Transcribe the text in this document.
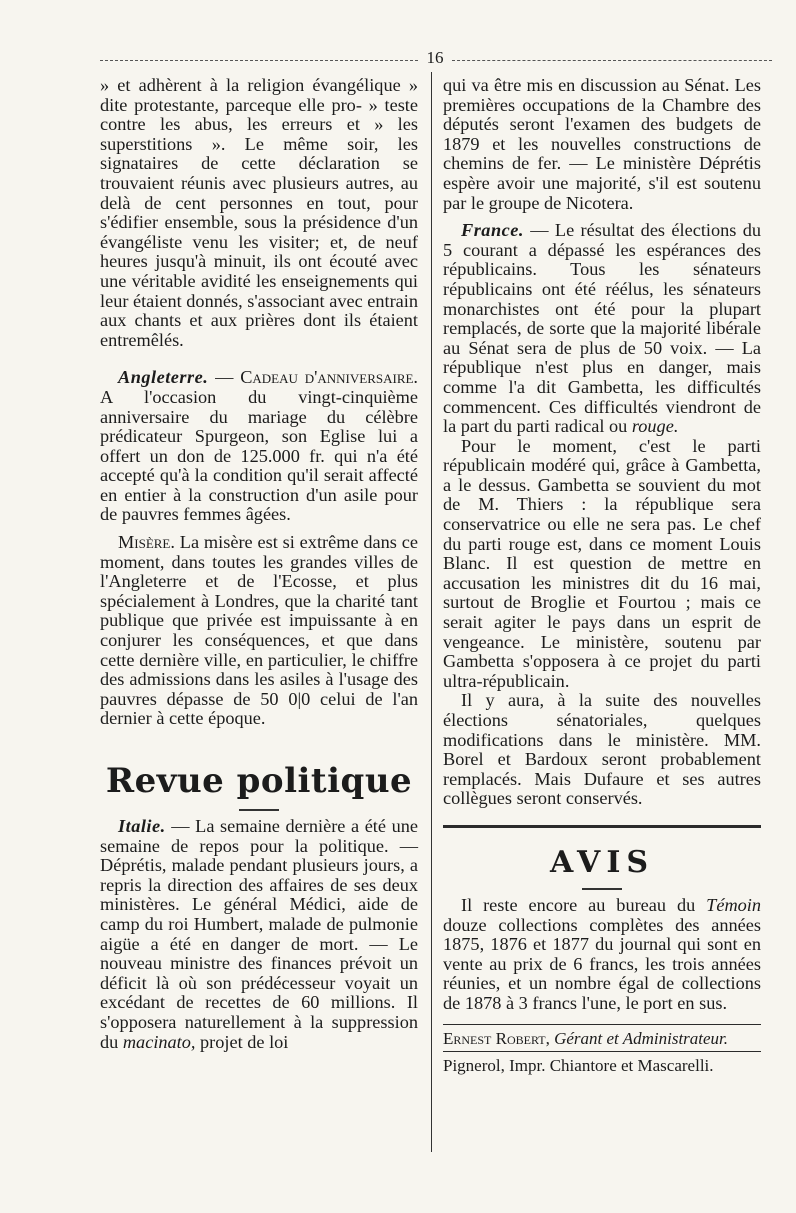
16

» et adhèrent à la religion évangélique » dite protestante, parceque elle pro- » teste contre les abus, les erreurs et » les superstitions ». Le même soir, les signataires de cette déclaration se trouvaient réunis avec plusieurs autres, au delà de cent personnes en tout, pour s'édifier ensemble, sous la présidence d'un évangéliste venu les visiter; et, de neuf heures jusqu'à minuit, ils ont écouté avec une véritable avidité les enseignements qui leur étaient donnés, s'associant avec entrain aux chants et aux prières dont ils étaient entremêlés.

Angleterre. — Cadeau d'anniversaire. A l'occasion du vingt-cinquième anniversaire du mariage du célèbre prédicateur Spurgeon, son Eglise lui a offert un don de 125.000 fr. qui n'a été accepté qu'à la condition qu'il serait affecté en entier à la construction d'un asile pour de pauvres femmes âgées.

Misère. La misère est si extrême dans ce moment, dans toutes les grandes villes de l'Angleterre et de l'Ecosse, et plus spécialement à Londres, que la charité tant publique que privée est impuissante à en conjurer les conséquences, et que dans cette dernière ville, en particulier, le chiffre des admissions dans les asiles à l'usage des pauvres dépasse de 50 0|0 celui de l'an dernier à cette époque.

Revue politique

Italie. — La semaine dernière a été une semaine de repos pour la politique. — Déprétis, malade pendant plusieurs jours, a repris la direction des affaires de ses deux ministères. Le général Médici, aide de camp du roi Humbert, malade de pulmonie aigüe a été en danger de mort. — Le nouveau ministre des finances prévoit un déficit là où son prédécesseur voyait un excédant de recettes de 60 millions. Il s'opposera naturellement à la suppression du macinato, projet de loi

qui va être mis en discussion au Sénat. Les premières occupations de la Chambre des députés seront l'examen des budgets de 1879 et les nouvelles constructions de chemins de fer. — Le ministère Déprétis espère avoir une majorité, s'il est soutenu par le groupe de Nicotera.

France. — Le résultat des élections du 5 courant a dépassé les espérances des républicains. Tous les sénateurs républicains ont été réélus, les sénateurs monarchistes ont été pour la plupart remplacés, de sorte que la majorité libérale au Sénat sera de plus de 50 voix. — La république n'est plus en danger, mais comme l'a dit Gambetta, les difficultés commencent. Ces difficultés viendront de la part du parti radical ou rouge.

Pour le moment, c'est le parti républicain modéré qui, grâce à Gambetta, a le dessus. Gambetta se souvient du mot de M. Thiers : la république sera conservatrice ou elle ne sera pas. Le chef du parti rouge est, dans ce moment Louis Blanc. Il est question de mettre en accusation les ministres dit du 16 mai, surtout de Broglie et Fourtou ; mais ce serait agiter le pays dans un esprit de vengeance. Le ministère, soutenu par Gambetta s'opposera à ce projet du parti ultra-républicain.

Il y aura, à la suite des nouvelles élections sénatoriales, quelques modifications dans le ministère. MM. Borel et Bardoux seront probablement remplacés. Mais Dufaure et ses autres collègues seront conservés.

AVIS

Il reste encore au bureau du Témoin douze collections complètes des années 1875, 1876 et 1877 du journal qui sont en vente au prix de 6 francs, les trois années réunies, et un nombre égal de collections de 1878 à 3 francs l'une, le port en sus.

Ernest Robert, Gérant et Administrateur.

Pignerol, Impr. Chiantore et Mascarelli.
